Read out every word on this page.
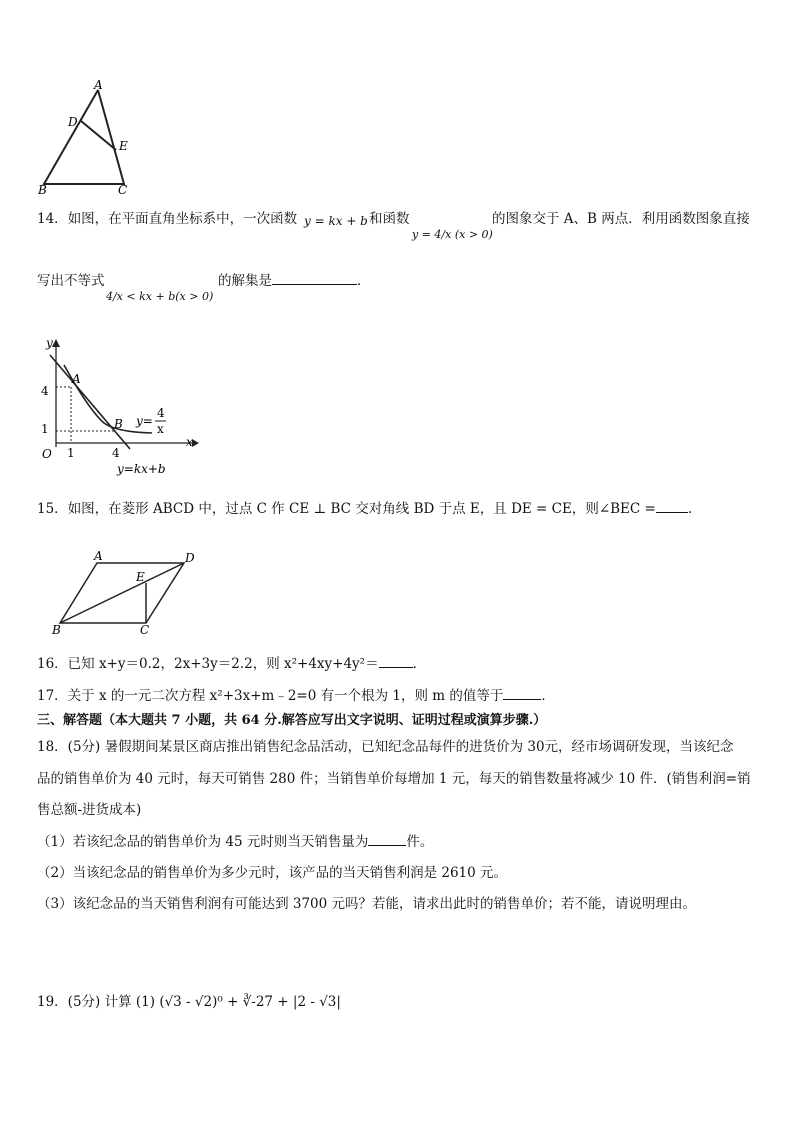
A
D
E
B	C
14．如图，在平面直角坐标系中，一次函数 y = kx + b 和函数
y = 4/x (x > 0)
的图象交于 A、B 两点．利用函数图象直接
写出不等式
4/x < kx + b(x > 0)
的解集是	．
y
x
O
A
B
4
1
1	4
y=
4
x
y=kx+b
15．如图，在菱形 ABCD 中，过点 C 作 CE ⊥ BC 交对角线 BD 于点 E，且 DE = CE，则∠BEC = .
A	D
E
B	C
16．已知 x+y＝0.2，2x+3y＝2.2，则 x²+4xy+4y²＝	．
17．关于 x 的一元二次方程 x²+3x+m﹣2=0 有一个根为 1，则 m 的值等于	．
三、解答题（本大题共 7 小题，共 64 分.解答应写出文字说明、证明过程或演算步骤.）
18．(5分) 暑假期间某景区商店推出销售纪念品活动，已知纪念品每件的进货价为 30元，经市场调研发现，当该纪念
品的销售单价为 40 元时，每天可销售 280 件；当销售单价每增加 1 元，每天的销售数量将减少 10 件．(销售利润=销
售总额-进货成本)
（1）若该纪念品的销售单价为 45 元时则当天销售量为	件。
（2）当该纪念品的销售单价为多少元时，该产品的当天销售利润是 2610 元。
（3）该纪念品的当天销售利润有可能达到 3700 元吗？若能，请求出此时的销售单价；若不能，请说明理由。
19．(5分) 计算 (1) (√3 - √2)⁰ + ∛-27 + |2 - √3|
